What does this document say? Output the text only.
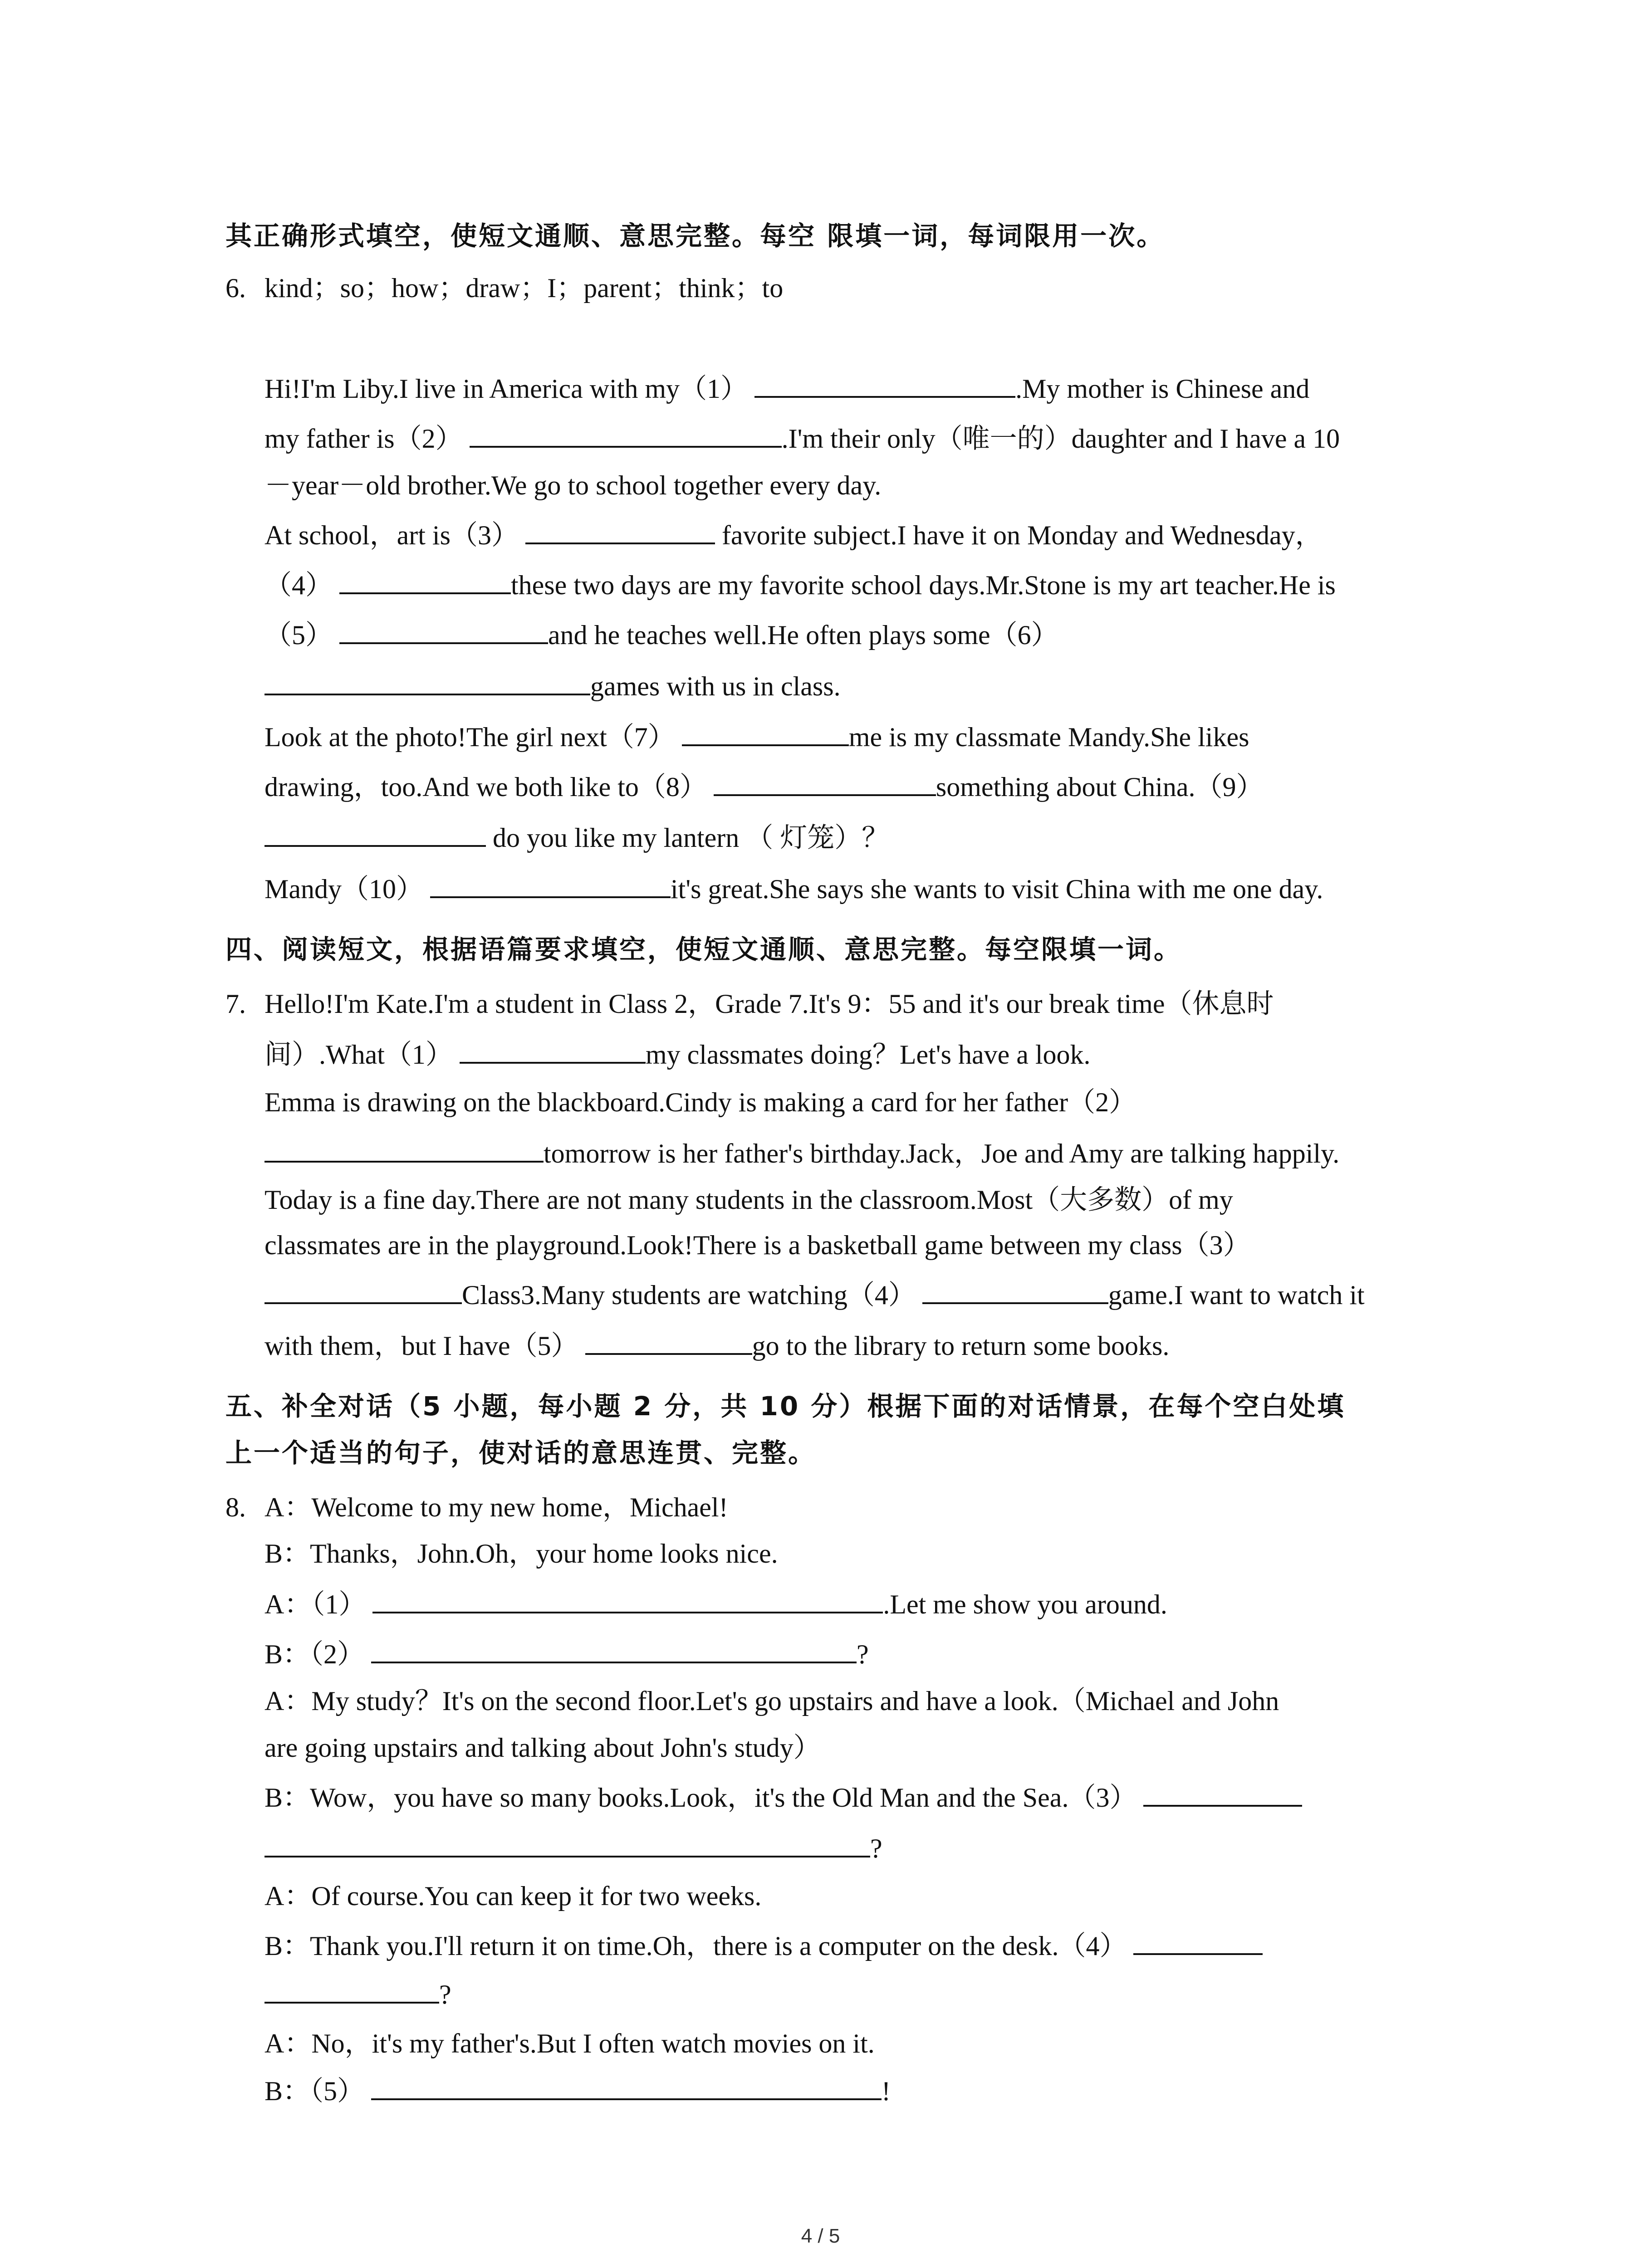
其正确形式填空，使短文通顺、意思完整。每空 限填一词，每词限用一次。
6. kind；so；how；draw；I；parent；think；to
Hi!I'm Liby.I live in America with my（1）	.My mother is Chinese and
my father is（2）	.I'm their only（唯一的）daughter and I have a 10
－year－old brother.We go to school together every day.
At school，art is（3）	favorite subject.I have it on Monday and Wednesday，
（4）	these two days are my favorite school days.Mr.Stone is my art teacher.He is
（5）	and he teaches well.He often plays some（6）
games with us in class.
Look at the photo!The girl next（7）	me is my classmate Mandy.She likes
drawing，too.And we both like to（8）	something about China.（9）
do you like my lantern （ 灯笼）？
Mandy（10）	it's great.She says she wants to visit China with me one day.
四、阅读短文，根据语篇要求填空，使短文通顺、意思完整。每空限填一词。
7. Hello!I'm Kate.I'm a student in Class 2，Grade 7.It's 9：55 and it's our break time（休息时
间）.What（1）	my classmates doing？Let's have a look.
Emma is drawing on the blackboard.Cindy is making a card for her father（2）
tomorrow is her father's birthday.Jack，Joe and Amy are talking happily.
Today is a fine day.There are not many students in the classroom.Most（大多数）of my
classmates are in the playground.Look!There is a basketball game between my class（3）
Class3.Many students are watching（4）	game.I want to watch it
with them，but I have（5）	go to the library to return some books.
五、补全对话（5 小题，每小题 2 分，共 10 分）根据下面的对话情景，在每个空白处填
上一个适当的句子，使对话的意思连贯、完整。
8. A：Welcome to my new home，Michael!
B：Thanks，John.Oh，your home looks nice.
A：（1）	.Let me show you around.
B：（2）	?
A：My study？It's on the second floor.Let's go upstairs and have a look.（Michael and John
are going upstairs and talking about John's study）
B：Wow，you have so many books.Look，it's the Old Man and the Sea.（3）
?
A：Of course.You can keep it for two weeks.
B：Thank you.I'll return it on time.Oh，there is a computer on the desk.（4）
?
A：No，it's my father's.But I often watch movies on it.
B：（5）	!
4 / 5
